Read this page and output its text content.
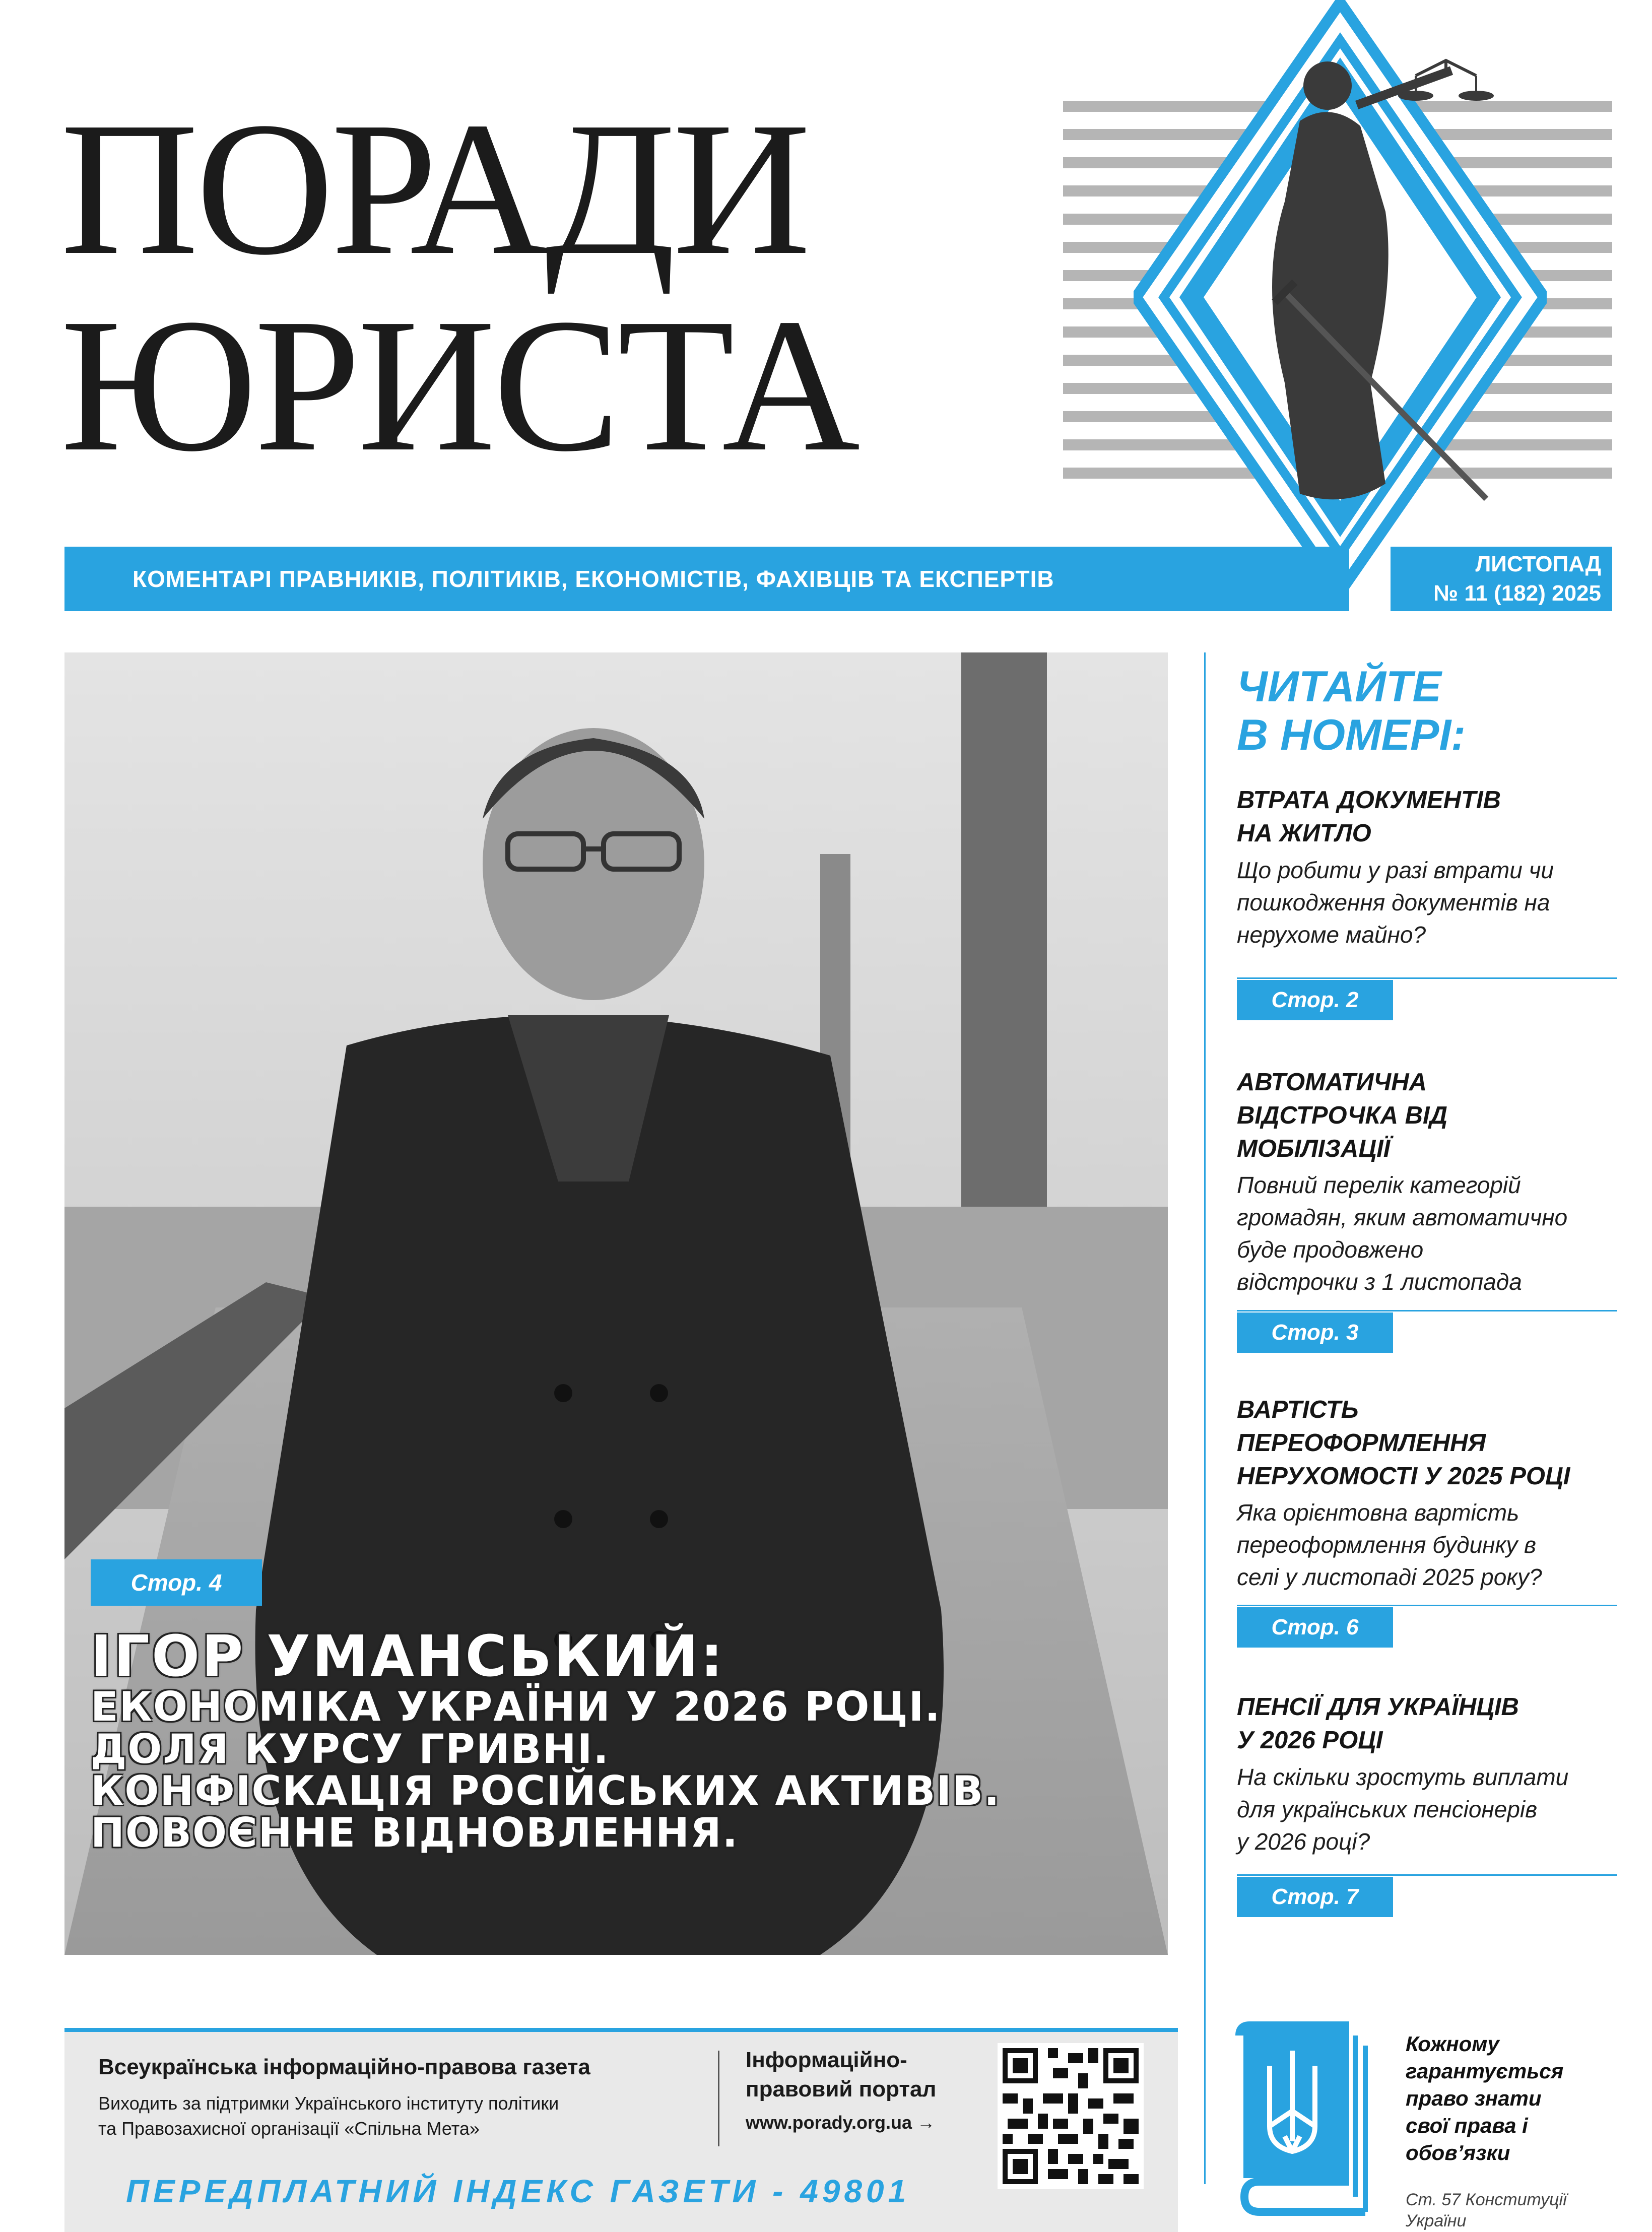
ПОРАДИ
ЮРИСТА
КОМЕНТАРІ ПРАВНИКІВ, ПОЛІТИКІВ, ЕКОНОМІСТІВ, ФАХІВЦІВ ТА ЕКСПЕРТІВ
ЛИСТОПАД
№ 11 (182) 2025
Стор. 4
ІГОР УМАНСЬКИЙ:
ЕКОНОМІКА УКРАЇНИ У 2026 РОЦІ.
ДОЛЯ КУРСУ ГРИВНІ.
КОНФІСКАЦІЯ РОСІЙСЬКИХ АКТИВІВ.
ПОВОЄННЕ ВІДНОВЛЕННЯ.
ЧИТАЙТЕ
В НОМЕРІ:
ВТРАТА ДОКУМЕНТІВ
НА ЖИТЛО
Що робити у разі втрати чи
пошкодження документів на
нерухоме майно?
Стор. 2
АВТОМАТИЧНА
ВІДСТРОЧКА ВІД
МОБІЛІЗАЦІЇ
Повний перелік категорій
громадян, яким автоматично
буде продовжено
відстрочки з 1 листопада
Стор. 3
ВАРТІСТЬ
ПЕРЕОФОРМЛЕННЯ
НЕРУХОМОСТІ У 2025 РОЦІ
Яка орієнтовна вартість
переоформлення будинку в
селі у листопаді 2025 року?
Стор. 6
ПЕНСІЇ ДЛЯ УКРАЇНЦІВ
У 2026 РОЦІ
На скільки зростуть виплати
для українських пенсіонерів
у 2026 році?
Стор. 7
Всеукраїнська інформаційно-правова газета
Виходить за підтримки Українського інституту політики
та Правозахисної організації «Спільна Мета»
Інформаційно-
правовий портал
www.porady.org.ua →
ПЕРЕДПЛАТНИЙ ІНДЕКС ГАЗЕТИ - 49801
Кожному
гарантується
право знати
свої права і
обов’язки
Ст. 57 Конституції
України
